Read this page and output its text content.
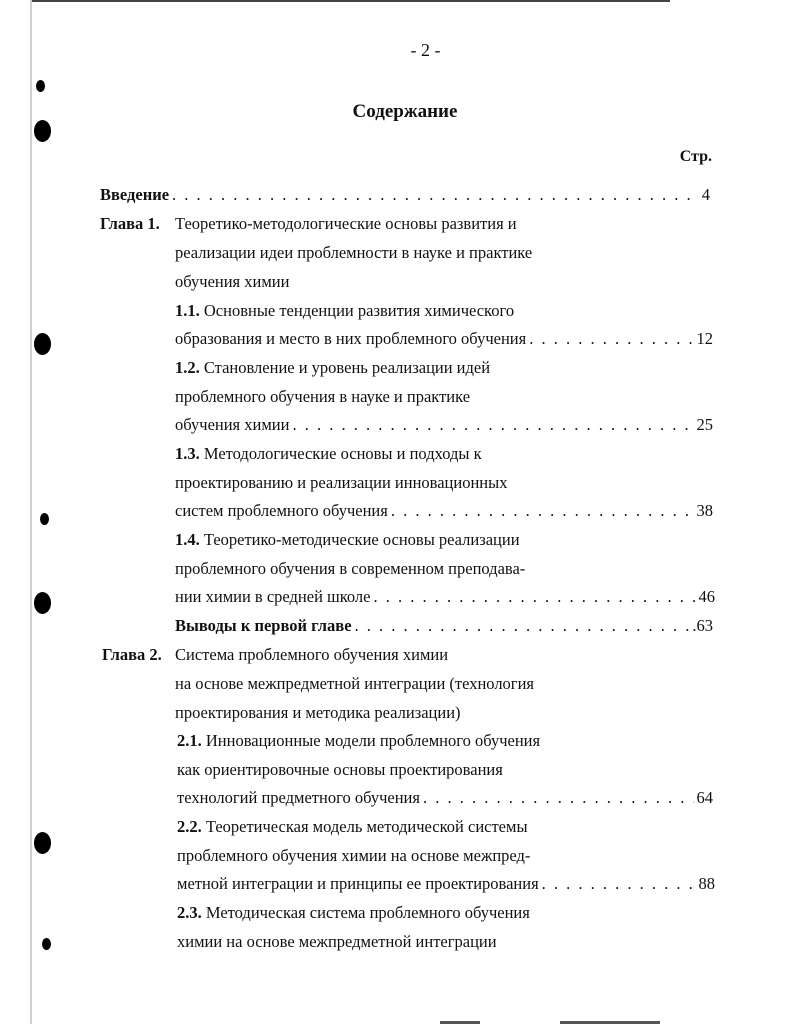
- 2 -
Содержание
Стр.
Введение . . .	4
Глава 1. Теоретико-методологические основы развития и
реализации идеи проблемности в науке и практике
обучения химии
1.1. Основные тенденции развития химического
образования и место в них проблемного обучения . . .	12
1.2. Становление и уровень реализации идей
проблемного обучения в науке и практике
обучения химии . . .	25
1.3. Методологические основы и подходы к
проектированию и реализации инновационных
систем проблемного обучения . . .	38
1.4. Теоретико-методические основы реализации
проблемного обучения в современном преподава-
нии химии в средней школе . . .	46
Выводы к первой главе . . .	.63
Глава 2. Система проблемного обучения химии
на основе межпредметной интеграции (технология
проектирования и методика реализации)
2.1. Инновационные модели проблемного обучения
как ориентировочные основы проектирования
технологий предметного обучения . . .	64
2.2. Теоретическая модель методической системы
проблемного обучения химии на основе межпред-
метной интеграции и принципы ее проектирования . . .	88
2.3. Методическая система проблемного обучения
химии на основе межпредметной интеграции
